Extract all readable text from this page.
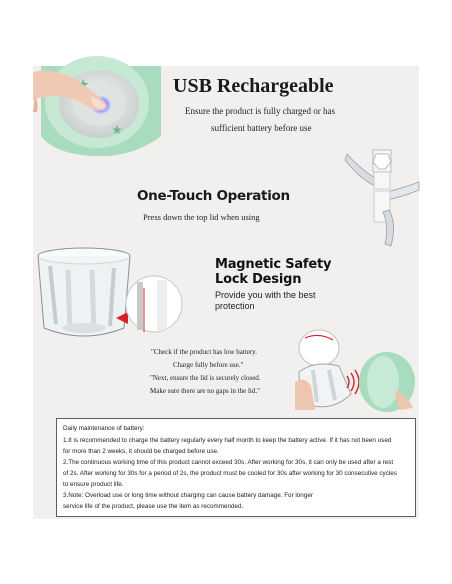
USB Rechargeable
Ensure the product is fully charged or has
sufficient battery before use
One-Touch Operation
Press down the top lid when using
Magnetic Safety
Lock Design
Provide you with the best
protection
"Check if the product has low battery.
Charge fully before use."
"Next, ensure the lid is securely closed.
Make sure there are no gaps in the lid."
Daily maintenance of battery:
1.It is recommended to charge the battery regularly every half month to keep the battery active. If it has not been used
for more than 2 weeks, it should be charged before use.
2.The continuous working time of this product cannot exceed 30s. After working for 30s, it can only be used after a rest
of 2s. After working for 30s for a period of 2s, the product must be cooled for 30s after working for 30 consecutive cycles
to ensure product life.
3.Note: Overload use or long time without charging can cause battery damage. For longer
service life of the product, please use the item as recommended.
